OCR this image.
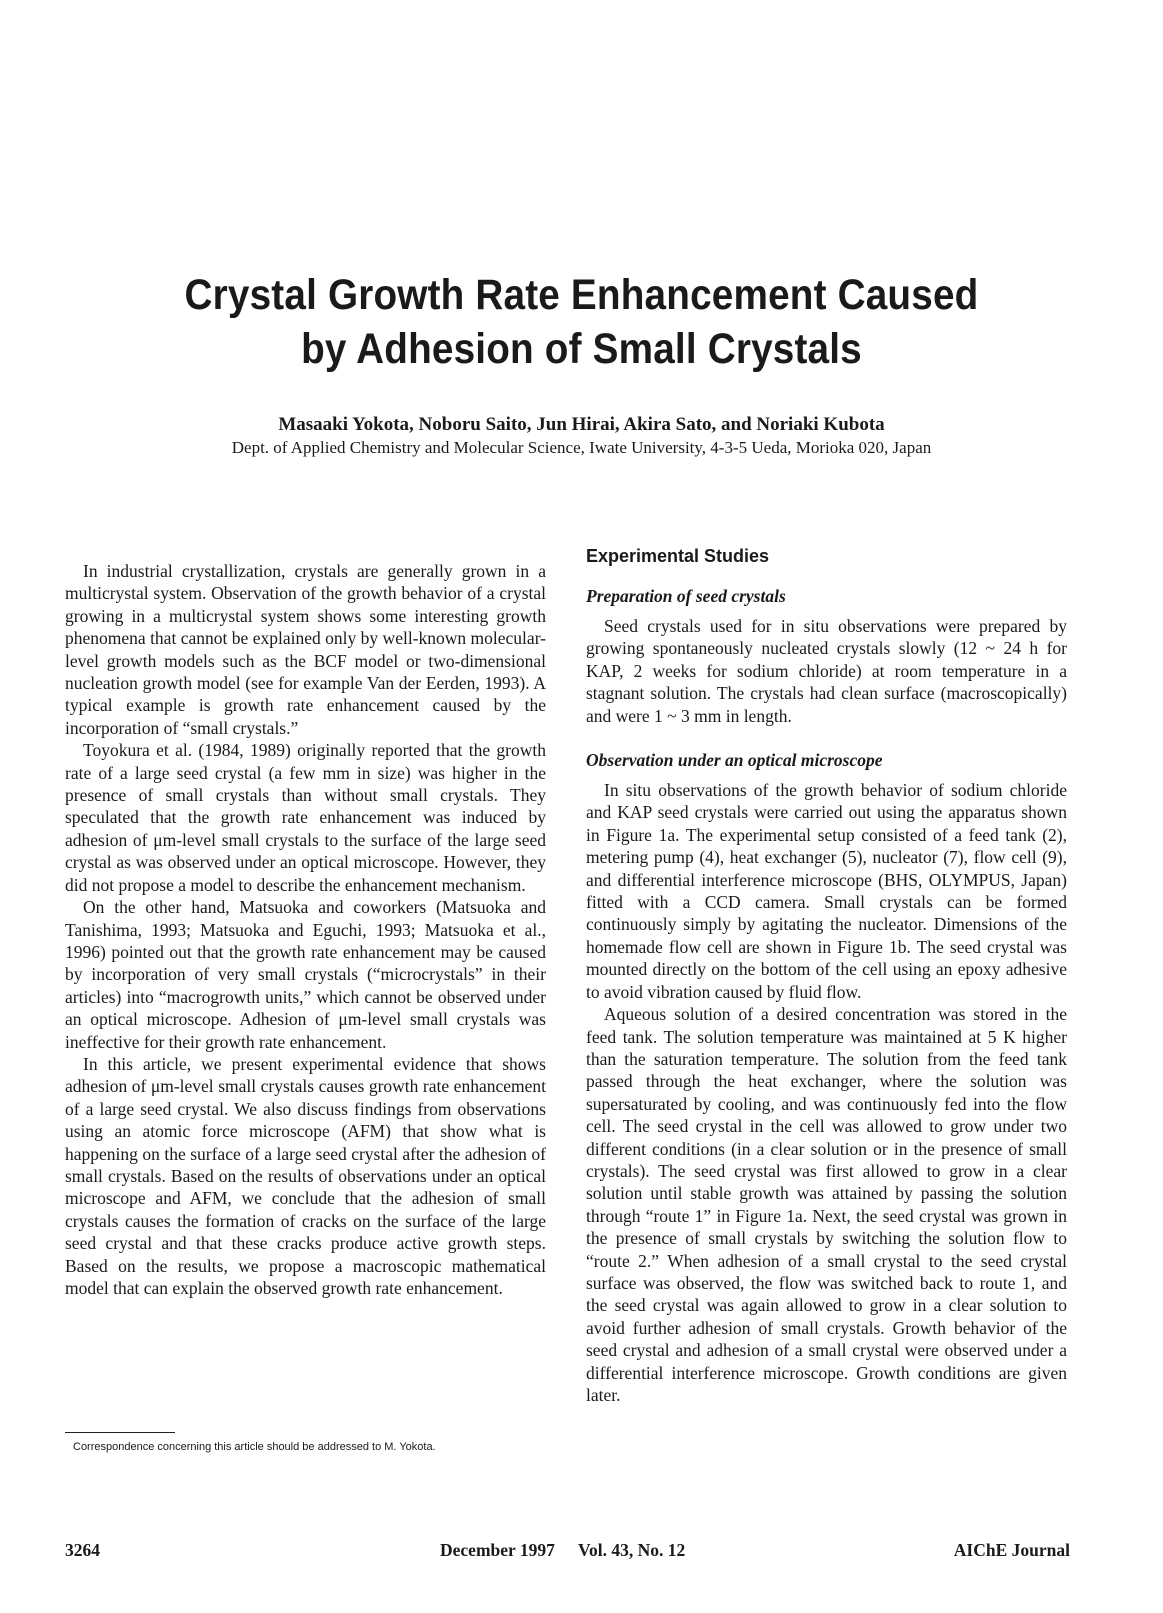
Crystal Growth Rate Enhancement Caused
by Adhesion of Small Crystals
Masaaki Yokota, Noboru Saito, Jun Hirai, Akira Sato, and Noriaki Kubota
Dept. of Applied Chemistry and Molecular Science, Iwate University, 4-3-5 Ueda, Morioka 020, Japan

In industrial crystallization, crystals are generally grown in a multicrystal system. Observation of the growth behavior of a crystal growing in a multicrystal system shows some interesting growth phenomena that cannot be explained only by well-known molecular-level growth models such as the BCF model or two-dimensional nucleation growth model (see for example Van der Eerden, 1993). A typical example is growth rate enhancement caused by the incorporation of “small crystals.”

Toyokura et al. (1984, 1989) originally reported that the growth rate of a large seed crystal (a few mm in size) was higher in the presence of small crystals than without small crystals. They speculated that the growth rate enhancement was induced by adhesion of μm-level small crystals to the surface of the large seed crystal as was observed under an optical microscope. However, they did not propose a model to describe the enhancement mechanism.

On the other hand, Matsuoka and coworkers (Matsuoka and Tanishima, 1993; Matsuoka and Eguchi, 1993; Matsuoka et al., 1996) pointed out that the growth rate enhancement may be caused by incorporation of very small crystals (“microcrystals” in their articles) into “macrogrowth units,” which cannot be observed under an optical microscope. Adhesion of μm-level small crystals was ineffective for their growth rate enhancement.

In this article, we present experimental evidence that shows adhesion of μm-level small crystals causes growth rate enhancement of a large seed crystal. We also discuss findings from observations using an atomic force microscope (AFM) that show what is happening on the surface of a large seed crystal after the adhesion of small crystals. Based on the results of observations under an optical microscope and AFM, we conclude that the adhesion of small crystals causes the formation of cracks on the surface of the large seed crystal and that these cracks produce active growth steps. Based on the results, we propose a macroscopic mathematical model that can explain the observed growth rate enhancement.

Correspondence concerning this article should be addressed to M. Yokota.
Experimental Studies
Preparation of seed crystals

Seed crystals used for in situ observations were prepared by growing spontaneously nucleated crystals slowly (12 ~ 24 h for KAP, 2 weeks for sodium chloride) at room temperature in a stagnant solution. The crystals had clean surface (macroscopically) and were 1 ~ 3 mm in length.

Observation under an optical microscope

In situ observations of the growth behavior of sodium chloride and KAP seed crystals were carried out using the apparatus shown in Figure 1a. The experimental setup consisted of a feed tank (2), metering pump (4), heat exchanger (5), nucleator (7), flow cell (9), and differential interference microscope (BHS, OLYMPUS, Japan) fitted with a CCD camera. Small crystals can be formed continuously simply by agitating the nucleator. Dimensions of the homemade flow cell are shown in Figure 1b. The seed crystal was mounted directly on the bottom of the cell using an epoxy adhesive to avoid vibration caused by fluid flow.

Aqueous solution of a desired concentration was stored in the feed tank. The solution temperature was maintained at 5 K higher than the saturation temperature. The solution from the feed tank passed through the heat exchanger, where the solution was supersaturated by cooling, and was continuously fed into the flow cell. The seed crystal in the cell was allowed to grow under two different conditions (in a clear solution or in the presence of small crystals). The seed crystal was first allowed to grow in a clear solution until stable growth was attained by passing the solution through “route 1” in Figure 1a. Next, the seed crystal was grown in the presence of small crystals by switching the solution flow to “route 2.” When adhesion of a small crystal to the seed crystal surface was observed, the flow was switched back to route 1, and the seed crystal was again allowed to grow in a clear solution to avoid further adhesion of small crystals. Growth behavior of the seed crystal and adhesion of a small crystal were observed under a differential interference microscope. Growth conditions are given later.

3264	December 1997 Vol. 43, No. 12	AIChE Journal
